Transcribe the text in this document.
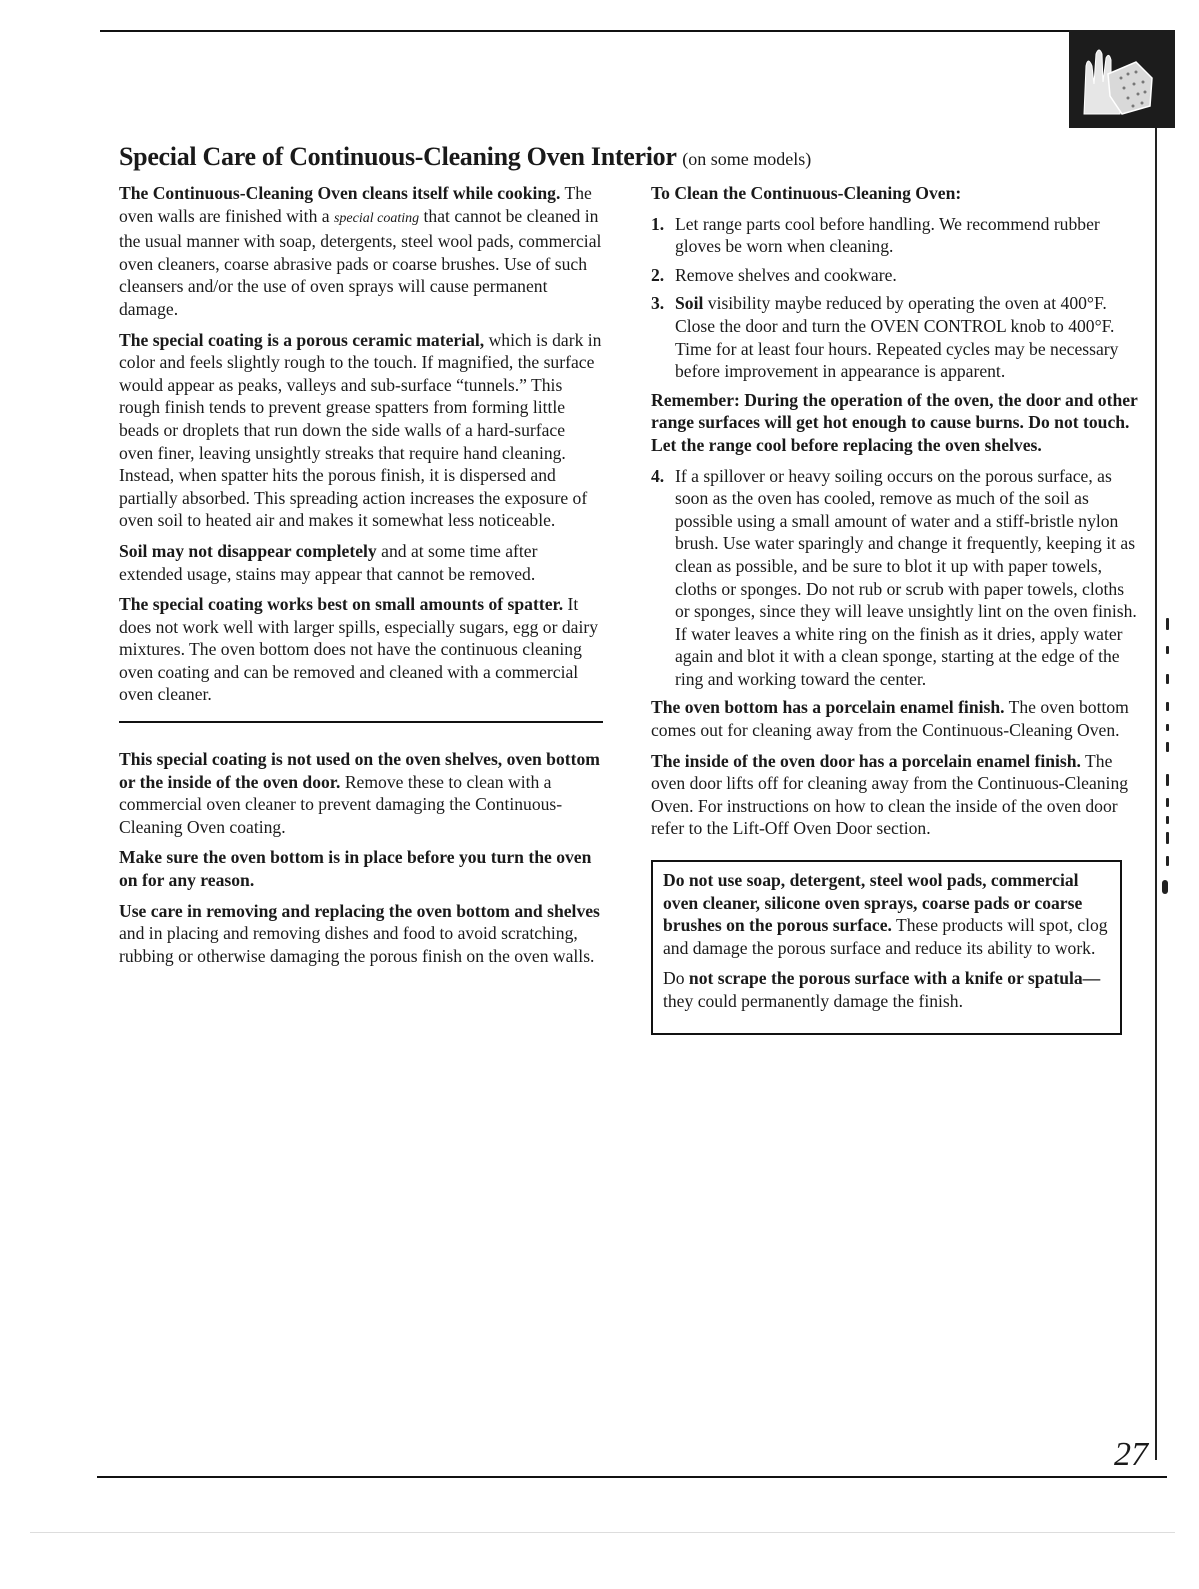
Special Care of Continuous-Cleaning Oven Interior (on some models)

The Continuous-Cleaning Oven cleans itself while cooking. The oven walls are finished with a special coating that cannot be cleaned in the usual manner with soap, detergents, steel wool pads, commercial oven cleaners, coarse abrasive pads or coarse brushes. Use of such cleansers and/or the use of oven sprays will cause permanent damage.

The special coating is a porous ceramic material, which is dark in color and feels slightly rough to the touch. If magnified, the surface would appear as peaks, valleys and sub-surface “tunnels.” This rough finish tends to prevent grease spatters from forming little beads or droplets that run down the side walls of a hard-surface oven finer, leaving unsightly streaks that require hand cleaning. Instead, when spatter hits the porous finish, it is dispersed and partially absorbed. This spreading action increases the exposure of oven soil to heated air and makes it somewhat less noticeable.

Soil may not disappear completely and at some time after extended usage, stains may appear that cannot be removed.

The special coating works best on small amounts of spatter. It does not work well with larger spills, especially sugars, egg or dairy mixtures. The oven bottom does not have the continuous cleaning oven coating and can be removed and cleaned with a commercial oven cleaner.

This special coating is not used on the oven shelves, oven bottom or the inside of the oven door. Remove these to clean with a commercial oven cleaner to prevent damaging the Continuous-Cleaning Oven coating.

Make sure the oven bottom is in place before you turn the oven on for any reason.

Use care in removing and replacing the oven bottom and shelves and in placing and removing dishes and food to avoid scratching, rubbing or otherwise damaging the porous finish on the oven walls.

To Clean the Continuous-Cleaning Oven:

1. Let range parts cool before handling. We recommend rubber gloves be worn when cleaning.
2. Remove shelves and cookware.
3. Soil visibility maybe reduced by operating the oven at 400°F. Close the door and turn the OVEN CONTROL knob to 400°F. Time for at least four hours. Repeated cycles may be necessary before improvement in appearance is apparent.

Remember: During the operation of the oven, the door and other range surfaces will get hot enough to cause burns. Do not touch. Let the range cool before replacing the oven shelves.

4. If a spillover or heavy soiling occurs on the porous surface, as soon as the oven has cooled, remove as much of the soil as possible using a small amount of water and a stiff-bristle nylon brush. Use water sparingly and change it frequently, keeping it as clean as possible, and be sure to blot it up with paper towels, cloths or sponges. Do not rub or scrub with paper towels, cloths or sponges, since they will leave unsightly lint on the oven finish. If water leaves a white ring on the finish as it dries, apply water again and blot it with a clean sponge, starting at the edge of the ring and working toward the center.

The oven bottom has a porcelain enamel finish. The oven bottom comes out for cleaning away from the Continuous-Cleaning Oven.

The inside of the oven door has a porcelain enamel finish. The oven door lifts off for cleaning away from the Continuous-Cleaning Oven. For instructions on how to clean the inside of the oven door refer to the Lift-Off Oven Door section.

Do not use soap, detergent, steel wool pads, commercial oven cleaner, silicone oven sprays, coarse pads or coarse brushes on the porous surface. These products will spot, clog and damage the porous surface and reduce its ability to work.

Do not scrape the porous surface with a knife or spatula— they could permanently damage the finish.

27
